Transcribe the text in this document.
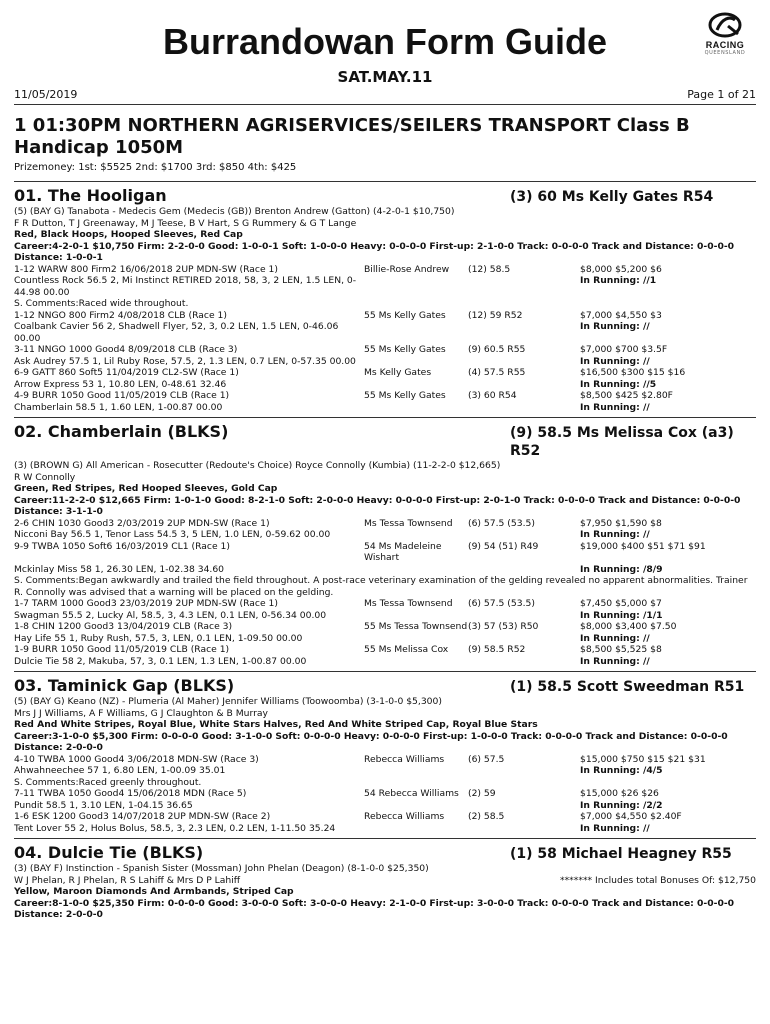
RACING
QUEENSLAND
Burrandowan Form Guide
SAT.MAY.11
11/05/2019	Page 1 of 21
1 01:30PM NORTHERN AGRISERVICES/SEILERS TRANSPORT Class B Handicap 1050M
Prizemoney: 1st: $5525 2nd: $1700 3rd: $850 4th: $425
01. The Hooligan	(3) 60 Ms Kelly Gates R54
(5) (BAY G) Tanabota - Medecis Gem (Medecis (GB)) Brenton Andrew (Gatton) (4-2-0-1 $10,750)
F R Dutton, T J Greenaway, M J Teese, B V Hart, S G Rummery & G T Lange
Red, Black Hoops, Hooped Sleeves, Red Cap
Career:4-2-0-1 $10,750 Firm: 2-2-0-0 Good: 1-0-0-1 Soft: 1-0-0-0 Heavy: 0-0-0-0 First-up: 2-1-0-0 Track: 0-0-0-0 Track and Distance: 0-0-0-0 Distance: 1-0-0-1
1-12 WARW 800 Firm2 16/06/2018 2UP MDN-SW (Race 1)	Billie-Rose Andrew	(12) 58.5	$8,000 $5,200 $6
Countless Rock 56.5 2, Mi Instinct RETIRED 2018, 58, 3, 2 LEN, 1.5 LEN, 0-44.98 00.00
In Running: //1
S. Comments:Raced wide throughout.
1-12 NNGO 800 Firm2 4/08/2018 CLB (Race 1)	55 Ms Kelly Gates	(12) 59 R52	$7,000 $4,550 $3
Coalbank Cavier 56 2, Shadwell Flyer, 52, 3, 0.2 LEN, 1.5 LEN, 0-46.06 00.00
In Running: //
3-11 NNGO 1000 Good4 8/09/2018 CLB (Race 3)	55 Ms Kelly Gates	(9) 60.5 R55	$7,000 $700 $3.5F
Ask Audrey 57.5 1, Lil Ruby Rose, 57.5, 2, 1.3 LEN, 0.7 LEN, 0-57.35 00.00	In Running: //
6-9 GATT 860 Soft5 11/04/2019 CL2-SW (Race 1)	Ms Kelly Gates	(4) 57.5 R55	$16,500 $300 $15 $16
Arrow Express 53 1, 10.80 LEN, 0-48.61 32.46	In Running: //5
4-9 BURR 1050 Good 11/05/2019 CLB (Race 1)	55 Ms Kelly Gates	(3) 60 R54	$8,500 $425 $2.80F
Chamberlain 58.5 1, 1.60 LEN, 1-00.87 00.00	In Running: //
02. Chamberlain (BLKS)	(9) 58.5 Ms Melissa Cox (a3) R52
(3) (BROWN G) All American - Rosecutter (Redoute's Choice) Royce Connolly (Kumbia) (11-2-2-0 $12,665)
R W Connolly
Green, Red Stripes, Red Hooped Sleeves, Gold Cap
Career:11-2-2-0 $12,665 Firm: 1-0-1-0 Good: 8-2-1-0 Soft: 2-0-0-0 Heavy: 0-0-0-0 First-up: 2-0-1-0 Track: 0-0-0-0 Track and Distance: 0-0-0-0 Distance: 3-1-1-0
2-6 CHIN 1030 Good3 2/03/2019 2UP MDN-SW (Race 1)	Ms Tessa Townsend	(6) 57.5 (53.5)	$7,950 $1,590 $8
Nicconi Bay 56.5 1, Tenor Lass 54.5 3, 5 LEN, 1.0 LEN, 0-59.62 00.00	In Running: //
9-9 TWBA 1050 Soft6 16/03/2019 CL1 (Race 1)	54 Ms Madeleine Wishart
(9) 54 (51) R49	$19,000 $400 $51 $71 $91
Mckinlay Miss 58 1, 26.30 LEN, 1-02.38 34.60	In Running: /8/9
S. Comments:Began awkwardly and trailed the field throughout. A post-race veterinary examination of the gelding revealed no apparent abnormalities. Trainer R. Connolly was advised that a warning will be placed on the gelding.
1-7 TARM 1000 Good3 23/03/2019 2UP MDN-SW (Race 1)	Ms Tessa Townsend	(6) 57.5 (53.5)	$7,450 $5,000 $7
Swagman 55.5 2, Lucky Al, 58.5, 3, 4.3 LEN, 0.1 LEN, 0-56.34 00.00	In Running: /1/1
1-8 CHIN 1200 Good3 13/04/2019 CLB (Race 3)	55 Ms Tessa Townsend (3) 57 (53) R50	$8,000 $3,400 $7.50
Hay Life 55 1, Ruby Rush, 57.5, 3, LEN, 0.1 LEN, 1-09.50 00.00	In Running: //
1-9 BURR 1050 Good 11/05/2019 CLB (Race 1)	55 Ms Melissa Cox	(9) 58.5 R52	$8,500 $5,525 $8
Dulcie Tie 58 2, Makuba, 57, 3, 0.1 LEN, 1.3 LEN, 1-00.87 00.00	In Running: //
03. Taminick Gap (BLKS)	(1) 58.5 Scott Sweedman R51
(5) (BAY G) Keano (NZ) - Plumeria (Al Maher) Jennifer Williams (Toowoomba) (3-1-0-0 $5,300)
Mrs J J Williams, A F Williams, G J Claughton & B Murray
Red And White Stripes, Royal Blue, White Stars Halves, Red And White Striped Cap, Royal Blue Stars
Career:3-1-0-0 $5,300 Firm: 0-0-0-0 Good: 3-1-0-0 Soft: 0-0-0-0 Heavy: 0-0-0-0 First-up: 1-0-0-0 Track: 0-0-0-0 Track and Distance: 0-0-0-0 Distance: 2-0-0-0
4-10 TWBA 1000 Good4 3/06/2018 MDN-SW (Race 3)	Rebecca Williams	(6) 57.5	$15,000 $750 $15 $21 $31
Ahwahneechee 57 1, 6.80 LEN, 1-00.09 35.01	In Running: /4/5
S. Comments:Raced greenly throughout.
7-11 TWBA 1050 Good4 15/06/2018 MDN (Race 5)	54 Rebecca Williams (2) 59	$15,000 $26 $26
Pundit 58.5 1, 3.10 LEN, 1-04.15 36.65	In Running: /2/2
1-6 ESK 1200 Good3 14/07/2018 2UP MDN-SW (Race 2)	Rebecca Williams	(2) 58.5	$7,000 $4,550 $2.40F
Tent Lover 55 2, Holus Bolus, 58.5, 3, 2.3 LEN, 0.2 LEN, 1-11.50 35.24	In Running: //
04. Dulcie Tie (BLKS)	(1) 58 Michael Heagney R55
(3) (BAY F) Instinction - Spanish Sister (Mossman) John Phelan (Deagon) (8-1-0-0 $25,350)
W J Phelan, R J Phelan, R S Lahiff & Mrs D P Lahiff	******* Includes total Bonuses Of: $12,750
Yellow, Maroon Diamonds And Armbands, Striped Cap
Career:8-1-0-0 $25,350 Firm: 0-0-0-0 Good: 3-0-0-0 Soft: 3-0-0-0 Heavy: 2-1-0-0 First-up: 3-0-0-0 Track: 0-0-0-0 Track and Distance: 0-0-0-0 Distance: 2-0-0-0
